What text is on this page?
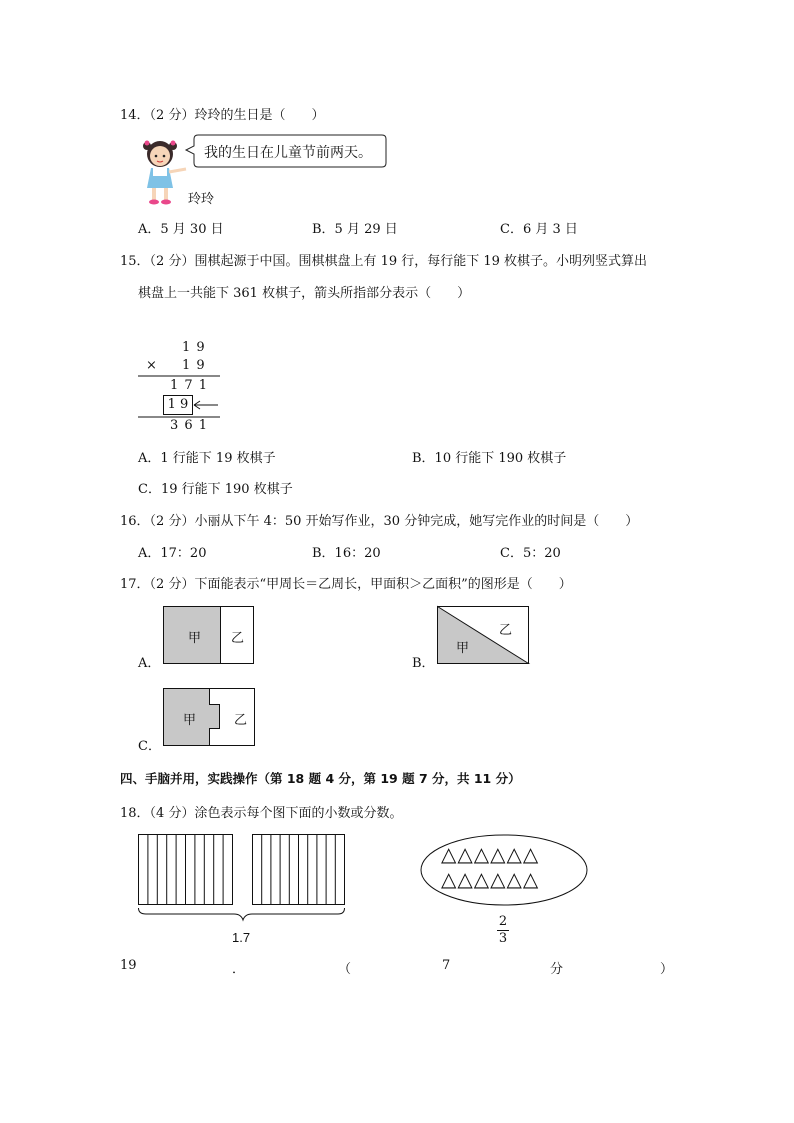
14．（2 分）玲玲的生日是（　　）
我的生日在儿童节前两天。
玲玲
A．5 月 30 日	B．5 月 29 日	C．6 月 3 日
15．（2 分）围棋起源于中国。围棋棋盘上有 19 行，每行能下 19 枚棋子。小明列竖式算出
棋盘上一共能下 361 枚棋子，箭头所指部分表示（　　）
1 9
× 1 9
1 7 1
1 9
3 6 1
A．1 行能下 19 枚棋子	B．10 行能下 190 枚棋子
C．19 行能下 190 枚棋子
16．（2 分）小丽从下午 4：50 开始写作业，30 分钟完成，她写完作业的时间是（　　）
A．17：20	B．16：20	C．5：20
17．（2 分）下面能表示“甲周长＝乙周长，甲面积＞乙面积”的图形是（　　）
A．
甲 乙
B．
乙
甲
C．
甲	乙
四、手脑并用，实践操作（第 18 题 4 分，第 19 题 7 分，共 11 分）
18．（4 分）涂色表示每个图下面的小数或分数。
1.7
△△△△△△
△△△△△△
2
3
19	．	（	7	分	）
